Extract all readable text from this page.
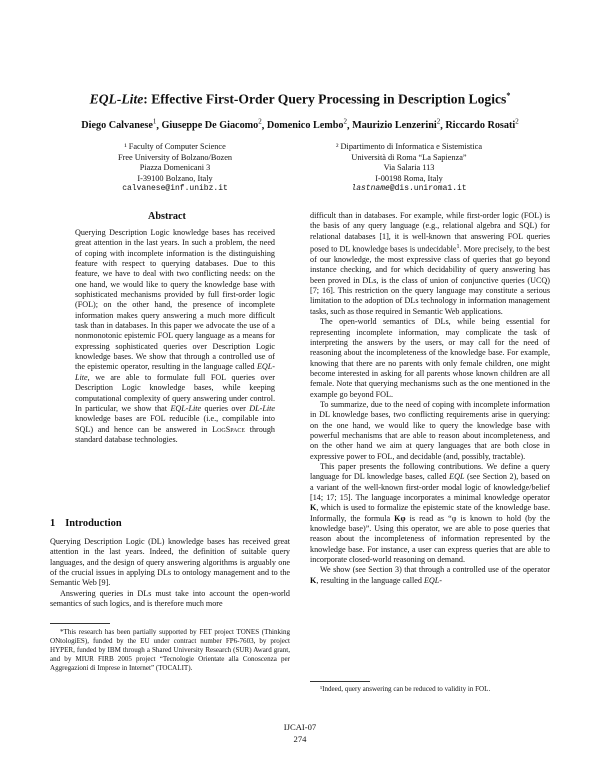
EQL-Lite: Effective First-Order Query Processing in Description Logics*
Diego Calvanese$^1$, Giuseppe De Giacomo$^2$, Domenico Lembo$^2$, Maurizio Lenzerini$^2$, Riccardo Rosati$^2$
¹ Faculty of Computer Science
Free University of Bolzano/Bozen
Piazza Domenicani 3
I-39100 Bolzano, Italy
calvanese@inf.unibz.it
² Dipartimento di Informatica e Sistemistica
Università di Roma “La Sapienza”
Via Salaria 113
I-00198 Roma, Italy
lastname@dis.uniroma1.it
Abstract

Querying Description Logic knowledge bases has received great attention in the last years. In such a problem, the need of coping with incomplete information is the distinguishing feature with respect to querying databases. Due to this feature, we have to deal with two conflicting needs: on the one hand, we would like to query the knowledge base with sophisticated mechanisms provided by full first-order logic (FOL); on the other hand, the presence of incomplete information makes query answering a much more difficult task than in databases. In this paper we advocate the use of a nonmonotonic epistemic FOL query language as a means for expressing sophisticated queries over Description Logic knowledge bases. We show that through a controlled use of the epistemic operator, resulting in the language called EQL-Lite, we are able to formulate full FOL queries over Description Logic knowledge bases, while keeping computational complexity of query answering under control. In particular, we show that EQL-Lite queries over DL-Lite knowledge bases are FOL reducible (i.e., compilable into SQL) and hence can be answered in LogSpace through standard database technologies.

1 Introduction

Querying Description Logic (DL) knowledge bases has received great attention in the last years. Indeed, the definition of suitable query languages, and the design of query answering algorithms is arguably one of the crucial issues in applying DLs to ontology management and to the Semantic Web [9].

Answering queries in DLs must take into account the open-world semantics of such logics, and is therefore much more

*This research has been partially supported by FET project TONES (Thinking ONtologiES), funded by the EU under contract number FP6-7603, by project HYPER, funded by IBM through a Shared University Research (SUR) Award grant, and by MIUR FIRB 2005 project “Tecnologie Orientate alla Conoscenza per Aggregazioni di Imprese in Internet” (TOCALIT).

difficult than in databases. For example, while first-order logic (FOL) is the basis of any query language (e.g., relational algebra and SQL) for relational databases [1], it is well-known that answering FOL queries posed to DL knowledge bases is undecidable$^1$. More precisely, to the best of our knowledge, the most expressive class of queries that go beyond instance checking, and for which decidability of query answering has been proved in DLs, is the class of union of conjunctive queries (UCQ) [7; 16]. This restriction on the query language may constitute a serious limitation to the adoption of DLs technology in information management tasks, such as those required in Semantic Web applications.

The open-world semantics of DLs, while being essential for representing incomplete information, may complicate the task of interpreting the answers by the users, or may call for the need of reasoning about the incompleteness of the knowledge base. For example, knowing that there are no parents with only female children, one might become interested in asking for all parents whose known children are all female. Note that querying mechanisms such as the one mentioned in the example go beyond FOL.

To summarize, due to the need of coping with incomplete information in DL knowledge bases, two conflicting requirements arise in querying: on the one hand, we would like to query the knowledge base with powerful mechanisms that are able to reason about incompleteness, and on the other hand we aim at query languages that are both close in expressive power to FOL, and decidable (and, possibly, tractable).

This paper presents the following contributions. We define a query language for DL knowledge bases, called EQL (see Section 2), based on a variant of the well-known first-order modal logic of knowledge/belief [14; 17; 15]. The language incorporates a minimal knowledge operator K, which is used to formalize the epistemic state of the knowledge base. Informally, the formula Kφ is read as “φ is known to hold (by the knowledge base)”. Using this operator, we are able to pose queries that reason about the incompleteness of information represented by the knowledge base. For instance, a user can express queries that are able to incorporate closed-world reasoning on demand.

We show (see Section 3) that through a controlled use of the operator K, resulting in the language called EQL-

¹Indeed, query answering can be reduced to validity in FOL.

IJCAI-07
274
